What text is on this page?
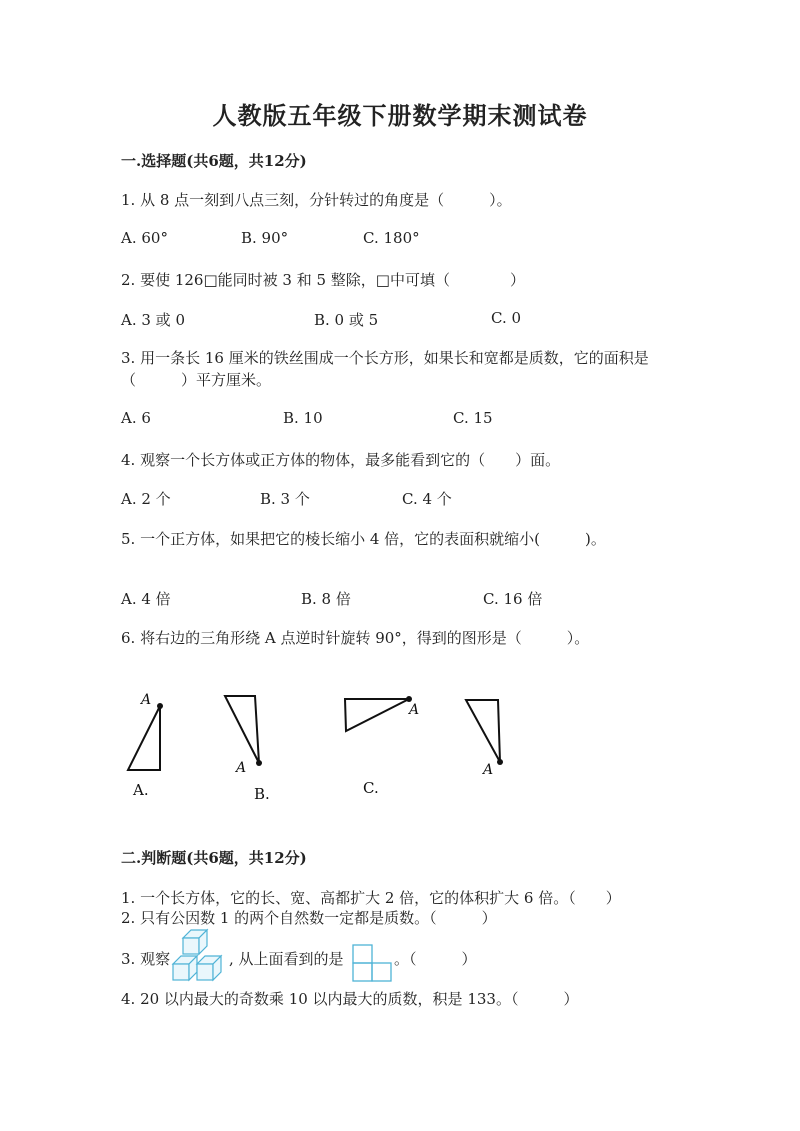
人教版五年级下册数学期末测试卷
一.选择题(共6题，共12分)
1. 从 8 点一刻到八点三刻，分针转过的角度是（　　　）。
A. 60°	B. 90°	C. 180°
2. 要使 126□能同时被 3 和 5 整除，□中可填（　　　　）
A. 3 或 0	B. 0 或 5	C. 0
3. 用一条长 16 厘米的铁丝围成一个长方形，如果长和宽都是质数，它的面积是
（　　　）平方厘米。
A. 6	B. 10	C. 15
4. 观察一个长方体或正方体的物体，最多能看到它的（　　）面。
A. 2 个	B. 3 个	C. 4 个
5. 一个正方体，如果把它的棱长缩小 4 倍，它的表面积就缩小(　　　)。
A. 4 倍	B. 8 倍	C. 16 倍
6. 将右边的三角形绕 A 点逆时针旋转 90°，得到的图形是（　　　）。
A
A
A
A
A.	B.	C.
二.判断题(共6题，共12分)
1. 一个长方体，它的长、宽、高都扩大 2 倍，它的体积扩大 6 倍。（　　）
2. 只有公因数 1 的两个自然数一定都是质数。（　　　）
3. 观察	, 从上面看到的是	。（　　　）
4. 20 以内最大的奇数乘 10 以内最大的质数，积是 133。（　　　）
